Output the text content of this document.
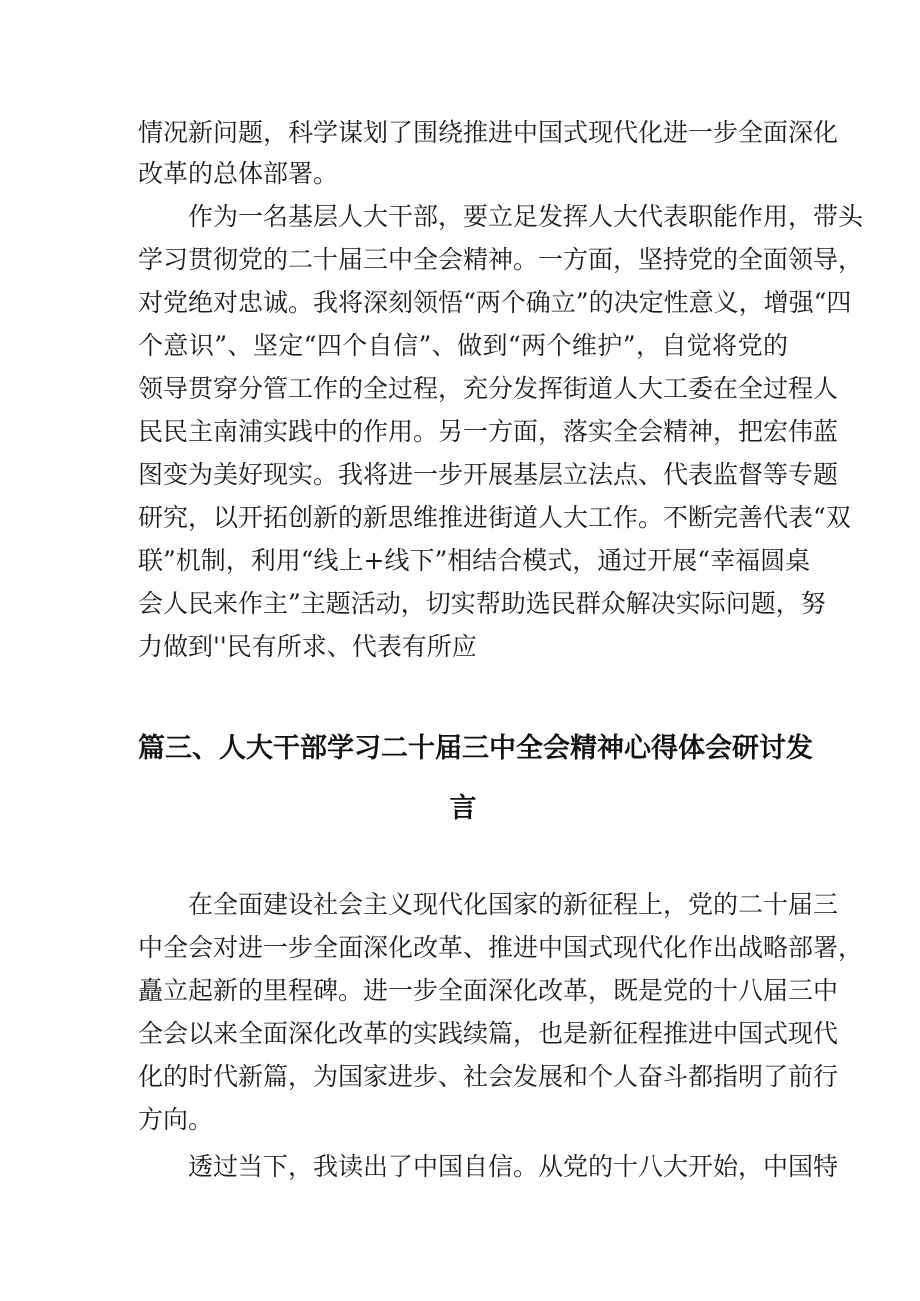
情况新问题，科学谋划了围绕推进中国式现代化进一步全面深化

改革的总体部署。

作为一名基层人大干部，要立足发挥人大代表职能作用，带头

学习贯彻党的二十届三中全会精神。一方面，坚持党的全面领导，

对党绝对忠诚。我将深刻领悟“两个确立”的决定性意义，增强“四

个意识”、坚定“四个自信”、做到“两个维护”，自觉将党的

领导贯穿分管工作的全过程，充分发挥街道人大工委在全过程人

民民主南浦实践中的作用。另一方面，落实全会精神，把宏伟蓝

图变为美好现实。我将进一步开展基层立法点、代表监督等专题

研究，以开拓创新的新思维推进街道人大工作。不断完善代表“双

联”机制，利用“线上+线下”相结合模式，通过开展“幸福圆桌

会人民来作主”主题活动，切实帮助选民群众解决实际问题，努

力做到''民有所求、代表有所应

篇三、人大干部学习二十届三中全会精神心得体会研讨发
言

在全面建设社会主义现代化国家的新征程上，党的二十届三

中全会对进一步全面深化改革、推进中国式现代化作出战略部署，

矗立起新的里程碑。进一步全面深化改革，既是党的十八届三中

全会以来全面深化改革的实践续篇，也是新征程推进中国式现代

化的时代新篇，为国家进步、社会发展和个人奋斗都指明了前行

方向。

透过当下，我读出了中国自信。从党的十八大开始，中国特
